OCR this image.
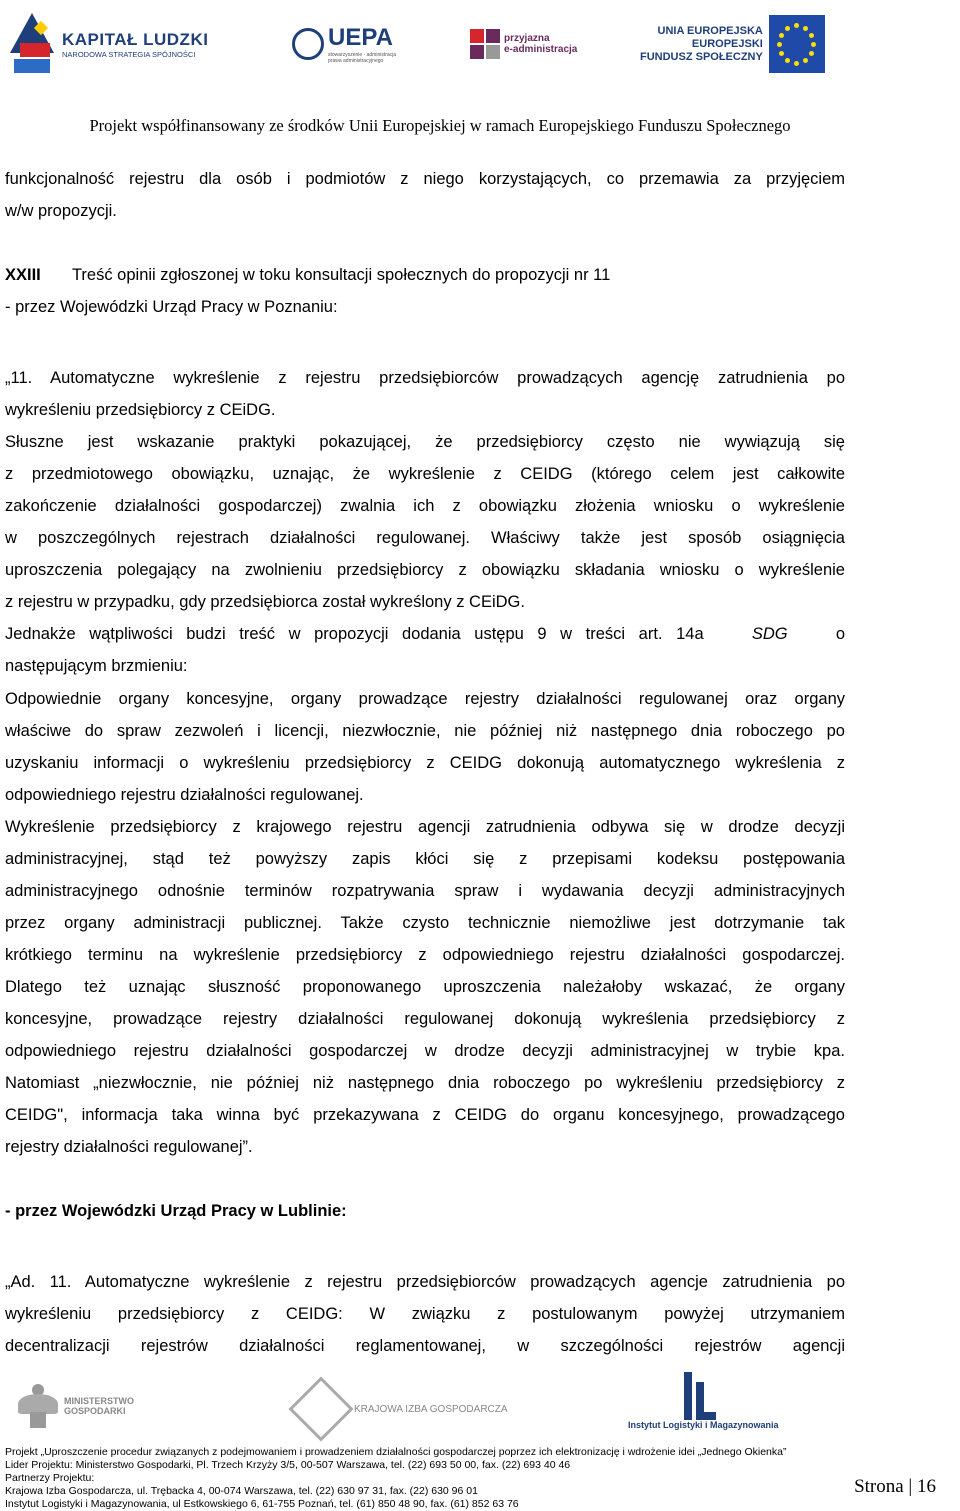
KAPITAŁ LUDZKI
NARODOWA STRATEGIA SPÓJNOŚCI
UEPA
stowarzyszenie - administracja prawa administracyjnego
przyjazna
e-administracja
UNIA EUROPEJSKA
EUROPEJSKI
FUNDUSZ SPOŁECZNY
Projekt współfinansowany ze środków Unii Europejskiej w ramach Europejskiego Funduszu Społecznego
funkcjonalność rejestru dla osób i podmiotów z niego korzystających, co przemawia za przyjęciem
w/w propozycji.
XXIII Treść opinii zgłoszonej w toku konsultacji społecznych do propozycji nr 11
- przez Wojewódzki Urząd Pracy w Poznaniu:
„11. Automatyczne wykreślenie z rejestru przedsiębiorców prowadzących agencję zatrudnienia po
wykreśleniu przedsiębiorcy z CEiDG.
Słuszne jest wskazanie praktyki pokazującej, że przedsiębiorcy często nie wywiązują się
z przedmiotowego obowiązku, uznając, że wykreślenie z CEIDG (którego celem jest całkowite
zakończenie działalności gospodarczej) zwalnia ich z obowiązku złożenia wniosku o wykreślenie
w poszczególnych rejestrach działalności regulowanej. Właściwy także jest sposób osiągnięcia
uproszczenia polegający na zwolnieniu przedsiębiorcy z obowiązku składania wniosku o wykreślenie
z rejestru w przypadku, gdy przedsiębiorca został wykreślony z CEiDG.
Jednakże wątpliwości budzi treść w propozycji dodania ustępu 9 w treści art. 14a	SDG	o
następującym brzmieniu:
Odpowiednie organy koncesyjne, organy prowadzące rejestry działalności regulowanej oraz organy
właściwe do spraw zezwoleń i licencji, niezwłocznie, nie później niż następnego dnia roboczego po
uzyskaniu informacji o wykreśleniu przedsiębiorcy z CEIDG dokonują automatycznego wykreślenia z
odpowiedniego rejestru działalności regulowanej.
Wykreślenie przedsiębiorcy z krajowego rejestru agencji zatrudnienia odbywa się w drodze decyzji
administracyjnej, stąd też powyższy zapis kłóci się z przepisami kodeksu postępowania
administracyjnego odnośnie terminów rozpatrywania spraw i wydawania decyzji administracyjnych
przez organy administracji publicznej. Także czysto technicznie niemożliwe jest dotrzymanie tak
krótkiego terminu na wykreślenie przedsiębiorcy z odpowiedniego rejestru działalności gospodarczej.
Dlatego też uznając słuszność proponowanego uproszczenia należałoby wskazać, że organy
koncesyjne, prowadzące rejestry działalności regulowanej dokonują wykreślenia przedsiębiorcy z
odpowiedniego rejestru działalności gospodarczej w drodze decyzji administracyjnej w trybie kpa.
Natomiast „niezwłocznie, nie później niż następnego dnia roboczego po wykreśleniu przedsiębiorcy z
CEIDG", informacja taka winna być przekazywana z CEIDG do organu koncesyjnego, prowadzącego
rejestry działalności regulowanej”.
- przez Wojewódzki Urząd Pracy w Lublinie:
„Ad. 11. Automatyczne wykreślenie z rejestru przedsiębiorców prowadzących agencje zatrudnienia po
wykreśleniu przedsiębiorcy z CEIDG: W związku z postulowanym powyżej utrzymaniem
decentralizacji rejestrów działalności reglamentowanej, w szczególności rejestrów agencji
MINISTERSTWO
GOSPODARKI	KRAJOWA IZBA GOSPODARCZA
Instytut Logistyki i Magazynowania
Projekt „Uproszczenie procedur związanych z podejmowaniem i prowadzeniem działalności gospodarczej poprzez ich elektronizację i wdrożenie idei „Jednego Okienka”
Lider Projektu: Ministerstwo Gospodarki, Pl. Trzech Krzyży 3/5, 00-507 Warszawa, tel. (22) 693 50 00, fax. (22) 693 40 46
Partnerzy Projektu:
Krajowa Izba Gospodarcza, ul. Trębacka 4, 00-074 Warszawa, tel. (22) 630 97 31, fax. (22) 630 96 01
Instytut Logistyki i Magazynowania, ul Estkowskiego 6, 61-755 Poznań, tel. (61) 850 48 90, fax. (61) 852 63 76
Strona | 16
